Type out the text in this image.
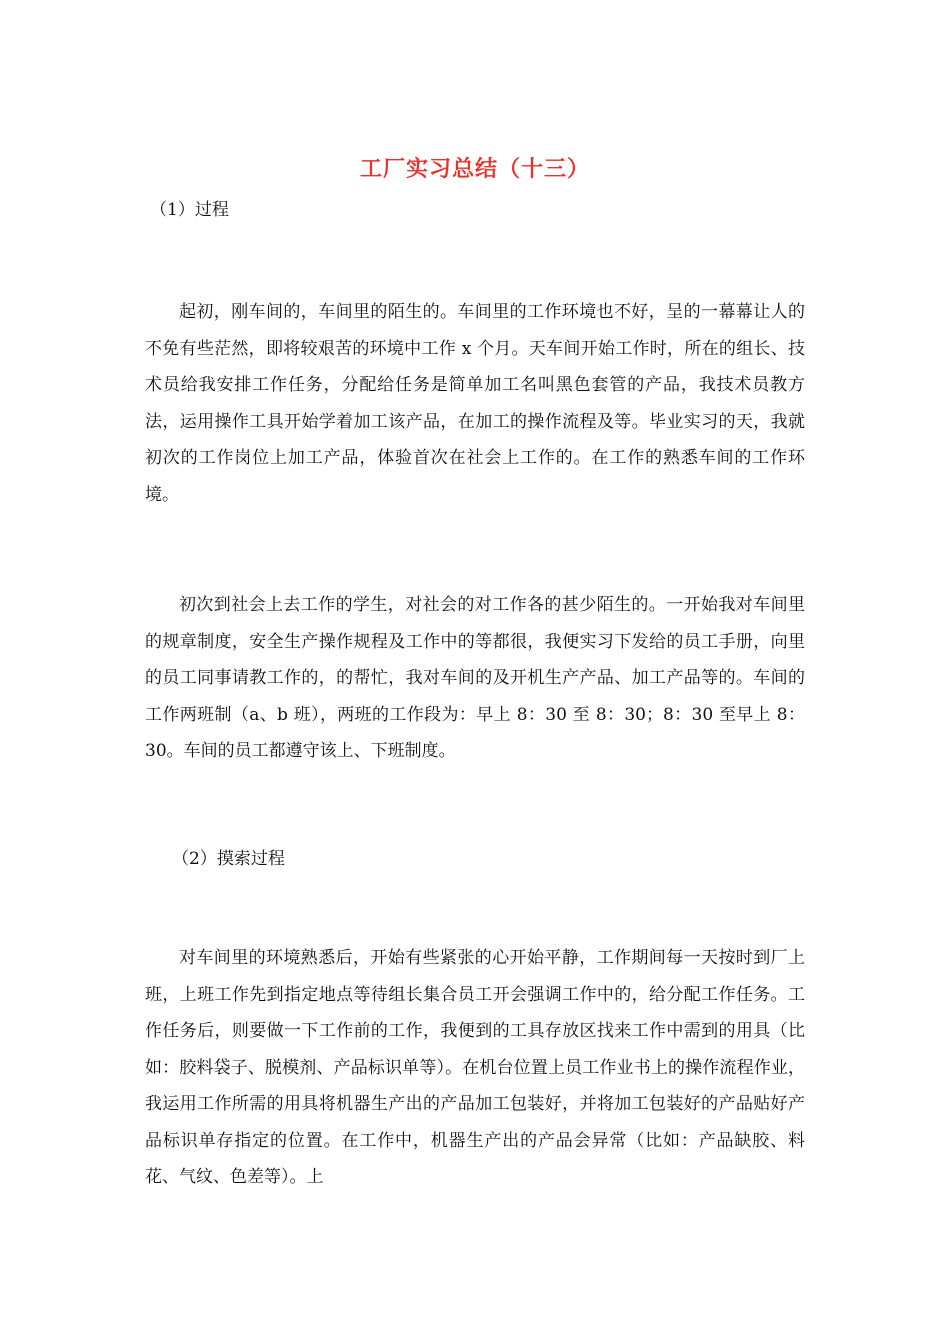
工厂实习总结（十三）
（1）过程

起初，刚车间的，车间里的陌生的。车间里的工作环境也不好，呈的一幕幕让人的不免有些茫然，即将较艰苦的环境中工作 x 个月。天车间开始工作时，所在的组长、技术员给我安排工作任务，分配给任务是简单加工名叫黑色套管的产品，我技术员教方法，运用操作工具开始学着加工该产品，在加工的操作流程及等。毕业实习的天，我就初次的工作岗位上加工产品，体验首次在社会上工作的。在工作的熟悉车间的工作环境。

初次到社会上去工作的学生，对社会的对工作各的甚少陌生的。一开始我对车间里的规章制度，安全生产操作规程及工作中的等都很，我便实习下发给的员工手册，向里的员工同事请教工作的，的帮忙，我对车间的及开机生产产品、加工产品等的。车间的工作两班制（a、b 班），两班的工作段为：早上 8：30 至 8：30；8：30 至早上 8：30。车间的员工都遵守该上、下班制度。

（2）摸索过程

对车间里的环境熟悉后，开始有些紧张的心开始平静，工作期间每一天按时到厂上班，上班工作先到指定地点等待组长集合员工开会强调工作中的，给分配工作任务。工作任务后，则要做一下工作前的工作，我便到的工具存放区找来工作中需到的用具（比如：胶料袋子、脱模剂、产品标识单等）。在机台位置上员工作业书上的操作流程作业，我运用工作所需的用具将机器生产出的产品加工包装好，并将加工包装好的产品贴好产品标识单存指定的位置。在工作中，机器生产出的产品会异常（比如：产品缺胶、料花、气纹、色差等）。上
